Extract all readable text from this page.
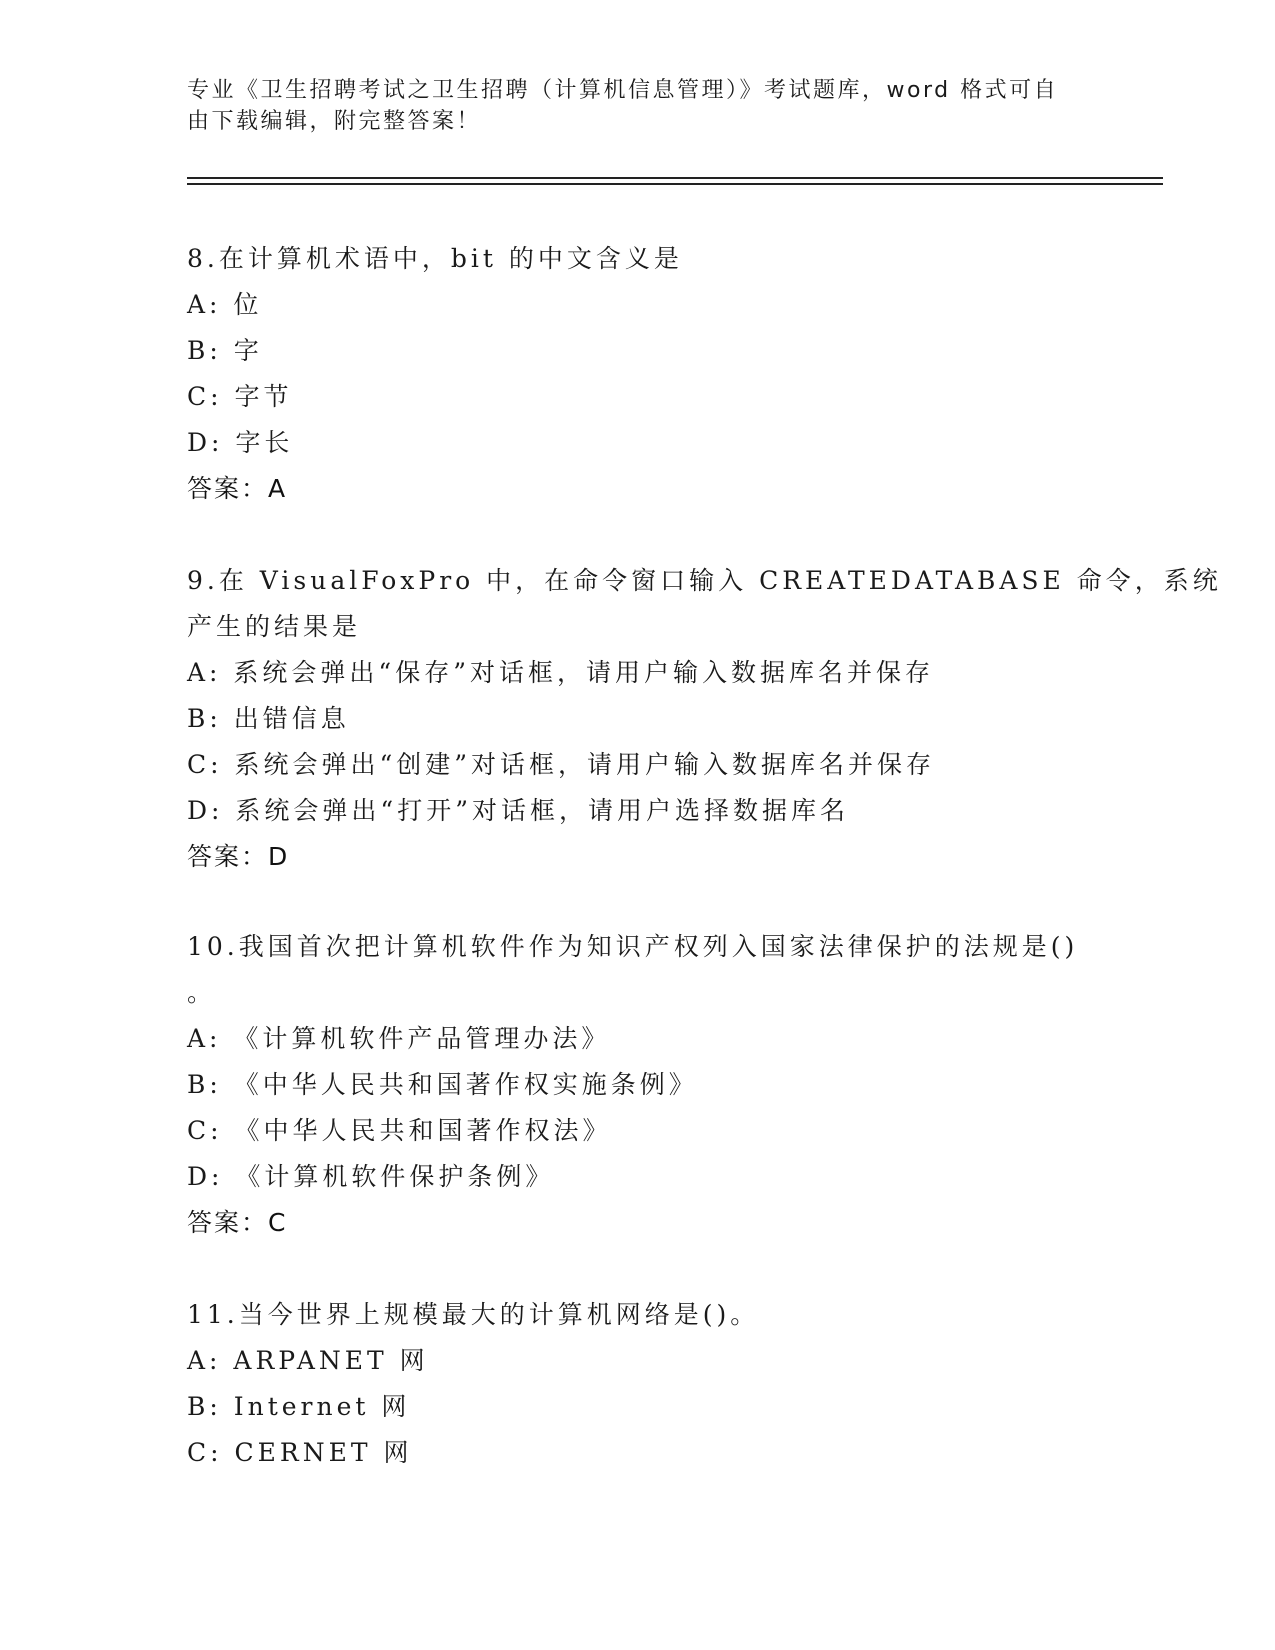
专业《卫生招聘考试之卫生招聘（计算机信息管理）》考试题库，word 格式可自
由下载编辑，附完整答案！
8.在计算机术语中，bit 的中文含义是
A: 位
B: 字
C: 字节
D: 字长
答案：A
9.在 VisualFoxPro 中，在命令窗口输入 CREATEDATABASE 命令，系统
产生的结果是
A: 系统会弹出“保存”对话框，请用户输入数据库名并保存
B: 出错信息
C: 系统会弹出“创建”对话框，请用户输入数据库名并保存
D: 系统会弹出“打开”对话框，请用户选择数据库名
答案：D
10.我国首次把计算机软件作为知识产权列入国家法律保护的法规是()
。
A: 《计算机软件产品管理办法》
B: 《中华人民共和国著作权实施条例》
C: 《中华人民共和国著作权法》
D: 《计算机软件保护条例》
答案：C
11.当今世界上规模最大的计算机网络是()。
A: ARPANET 网
B: Internet 网
C: CERNET 网
